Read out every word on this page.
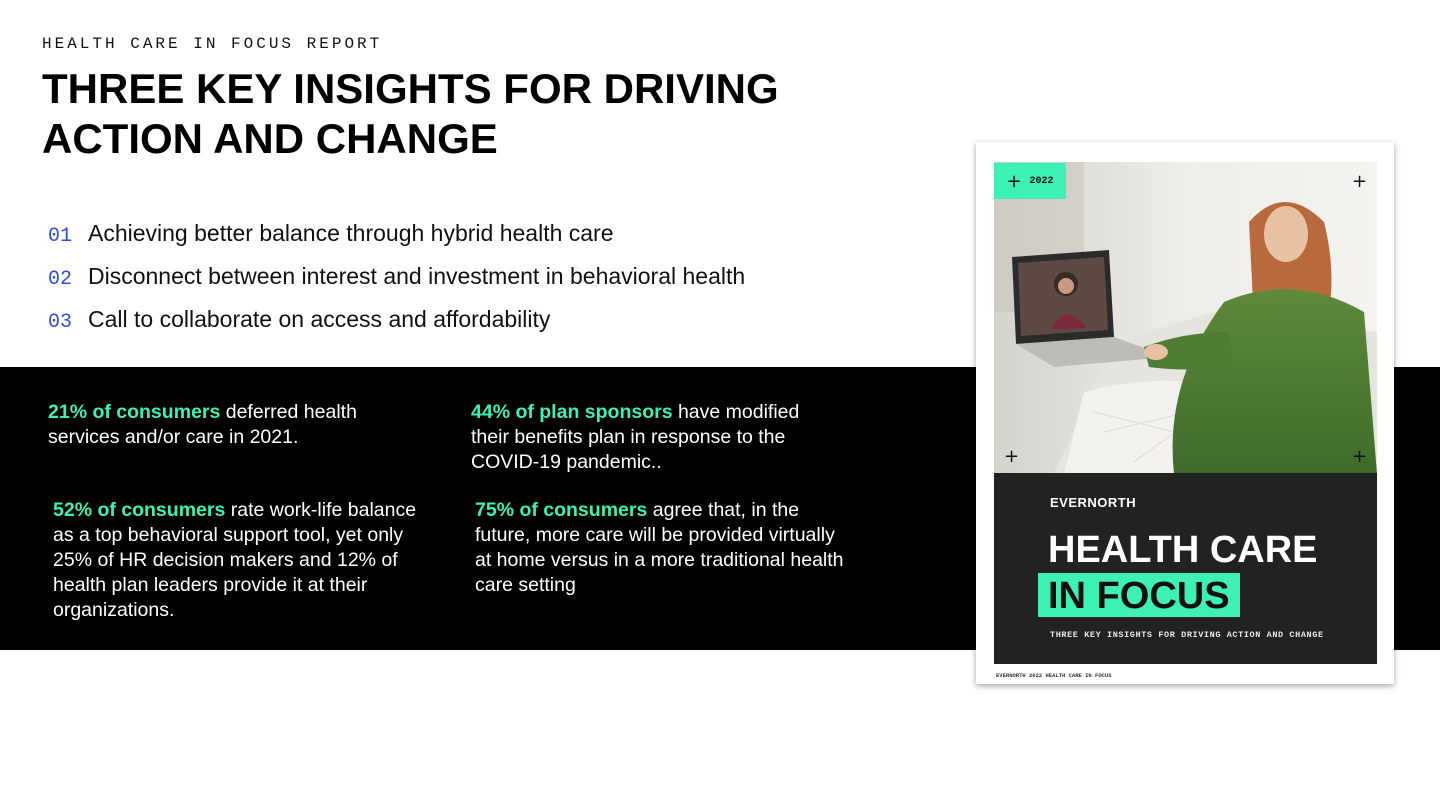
HEALTH CARE IN FOCUS REPORT
THREE KEY INSIGHTS FOR DRIVING ACTION AND CHANGE
01 Achieving better balance through hybrid health care
02 Disconnect between interest and investment in behavioral health
03 Call to collaborate on access and affordability
21% of consumers deferred health services and/or care in 2021.
44% of plan sponsors have modified their benefits plan in response to the COVID-19 pandemic..
52% of consumers rate work-life balance as a top behavioral support tool, yet only 25% of HR decision makers and 12% of health plan leaders provide it at their organizations.
75% of consumers agree that, in the future, more care will be provided virtually at home versus in a more traditional health care setting
+ 2022	+
+	+
EVERNORTH
HEALTH CARE
IN FOCUS
THREE KEY INSIGHTS FOR DRIVING ACTION AND CHANGE
EVERNORTH 2022 HEALTH CARE IN FOCUS
